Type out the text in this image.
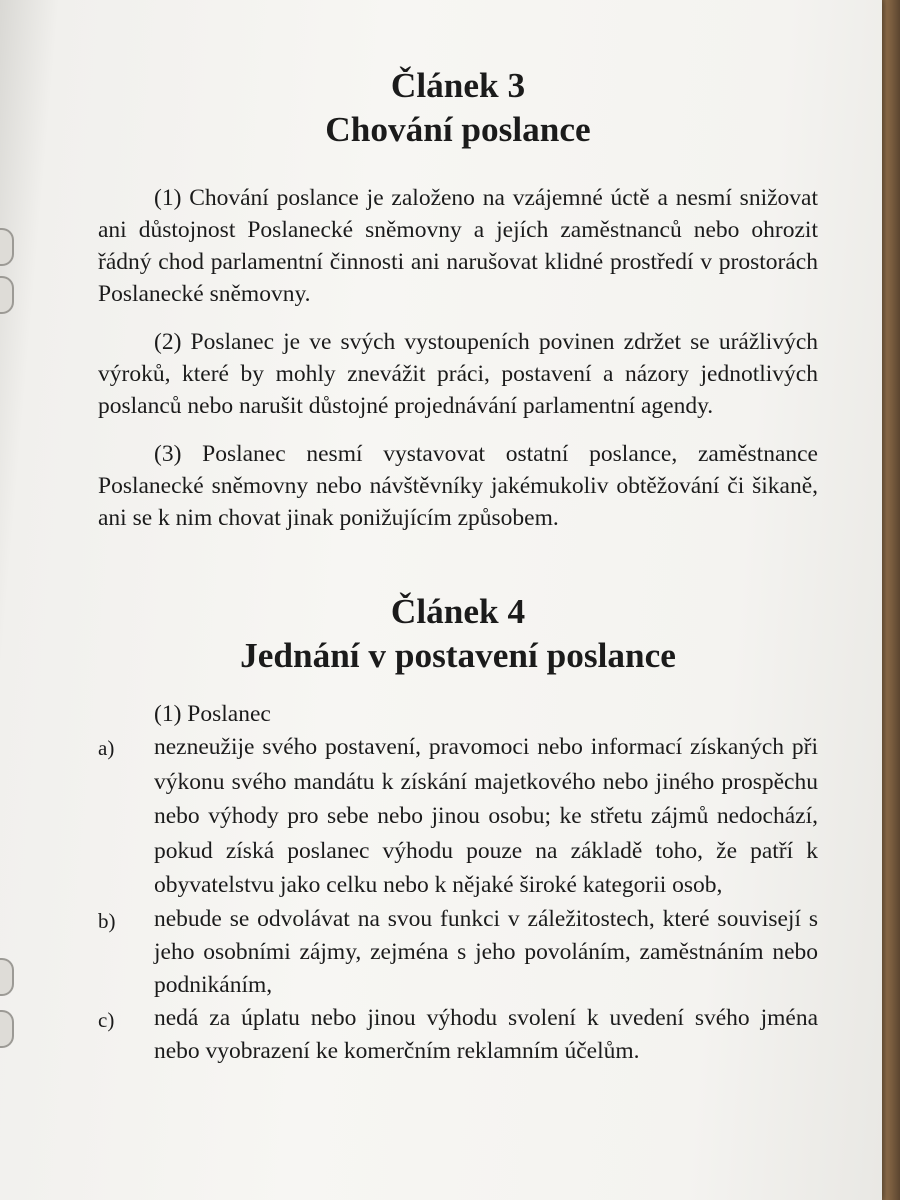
Článek 3
Chování poslance

(1) Chování poslance je založeno na vzájemné úctě a nesmí snižovat ani důstojnost Poslanecké sněmovny a jejích zaměstnanců nebo ohrozit řádný chod parlamentní činnosti ani narušovat klidné prostředí v prostorách Poslanecké sněmovny.

(2) Poslanec je ve svých vystoupeních povinen zdržet se urážlivých výroků, které by mohly znevážit práci, postavení a názory jednotlivých poslanců nebo narušit důstojné projednávání parlamentní agendy.

(3) Poslanec nesmí vystavovat ostatní poslance, zaměstnance Poslanecké sněmovny nebo návštěvníky jakémukoliv obtěžování či šikaně, ani se k nim chovat jinak ponižujícím způsobem.

Článek 4
Jednání v postavení poslance

(1) Poslanec

a)	nezneužije svého postavení, pravomoci nebo informací získaných při výkonu svého mandátu k získání majetkového nebo jiného prospěchu nebo výhody pro sebe nebo jinou osobu; ke střetu zájmů nedochází, pokud získá poslanec výhodu pouze na základě toho, že patří k obyvatelstvu jako celku nebo k nějaké široké kategorii osob,
b)	nebude se odvolávat na svou funkci v záležitostech, které souvisejí s jeho osobními zájmy, zejména s jeho povoláním, zaměstnáním nebo podnikáním,
c)	nedá za úplatu nebo jinou výhodu svolení k uvedení svého jména nebo vyobrazení ke komerčním reklamním účelům.
